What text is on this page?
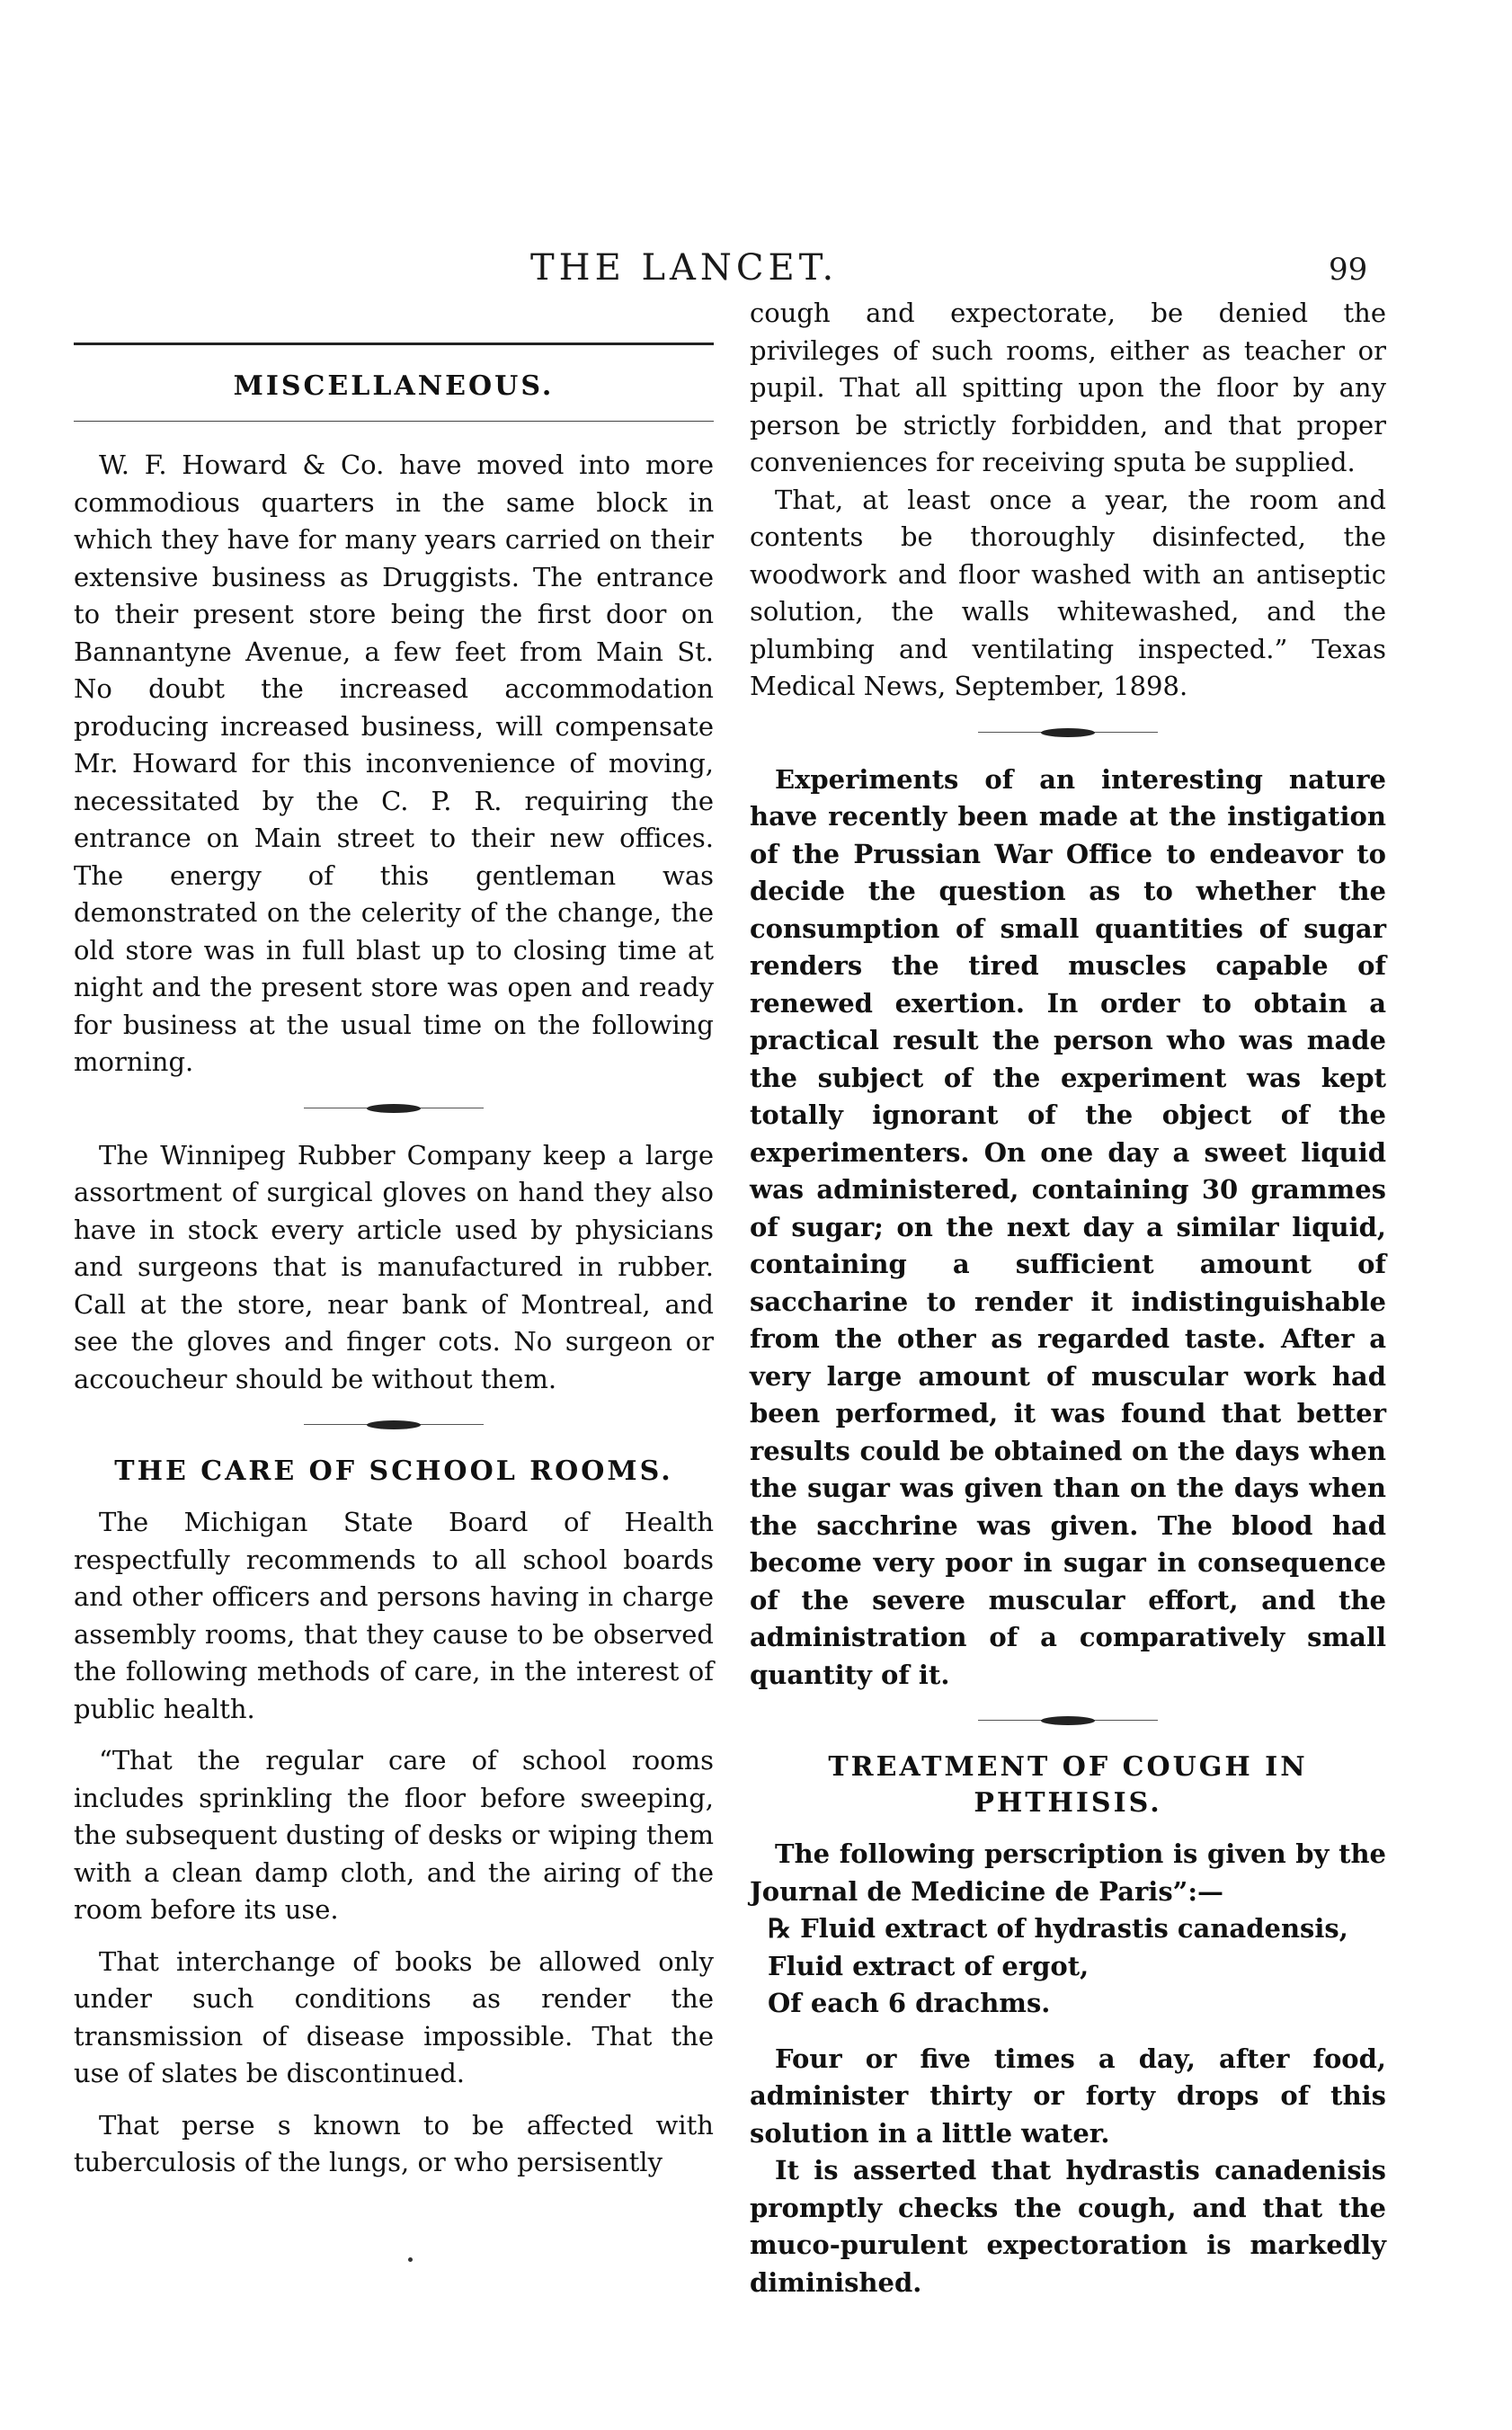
THE LANCET.	99
MISCELLANEOUS.

W. F. Howard & Co. have moved into more commodious quarters in the same block in which they have for many years carried on their extensive business as Druggists. The entrance to their present store being the first door on Bannantyne Avenue, a few feet from Main St. No doubt the increased accommodation producing increased business, will compensate Mr. Howard for this inconvenience of moving, necessitated by the C. P. R. requiring the entrance on Main street to their new offices. The energy of this gentleman was demonstrated on the celerity of the change, the old store was in full blast up to closing time at night and the present store was open and ready for business at the usual time on the following morning.

The Winnipeg Rubber Company keep a large assortment of surgical gloves on hand they also have in stock every article used by physicians and surgeons that is manufactured in rubber. Call at the store, near bank of Montreal, and see the gloves and finger cots. No surgeon or accoucheur should be without them.

THE CARE OF SCHOOL ROOMS.

The Michigan State Board of Health respectfully recommends to all school boards and other officers and persons having in charge assembly rooms, that they cause to be observed the following methods of care, in the interest of public health.

“That the regular care of school rooms includes sprinkling the floor before sweeping, the subsequent dusting of desks or wiping them with a clean damp cloth, and the airing of the room before its use.

That interchange of books be allowed only under such conditions as render the transmission of disease impossible. That the use of slates be discontinued.

That perse s known to be affected with tuberculosis of the lungs, or who persisently

cough and expectorate, be denied the privileges of such rooms, either as teacher or pupil. That all spitting upon the floor by any person be strictly forbidden, and that proper conveniences for receiving sputa be supplied.

That, at least once a year, the room and contents be thoroughly disinfected, the woodwork and floor washed with an antiseptic solution, the walls whitewashed, and the plumbing and ventilating inspected.” Texas Medical News, September, 1898.

Experiments of an interesting nature have recently been made at the instigation of the Prussian War Office to endeavor to decide the question as to whether the consumption of small quantities of sugar renders the tired muscles capable of renewed exertion. In order to obtain a practical result the person who was made the subject of the experiment was kept totally ignorant of the object of the experimenters. On one day a sweet liquid was administered, containing 30 grammes of sugar; on the next day a similar liquid, containing a sufficient amount of saccharine to render it indistinguishable from the other as regarded taste. After a very large amount of muscular work had been performed, it was found that better results could be obtained on the days when the sugar was given than on the days when the sacchrine was given. The blood had become very poor in sugar in consequence of the severe muscular effort, and the administration of a comparatively small quantity of it.

TREATMENT OF COUGH IN
PHTHISIS.

The following perscription is given by the Journal de Medicine de Paris”:—

℞ Fluid extract of hydrastis canadensis,

Fluid extract of ergot,

Of each 6 drachms.

Four or five times a day, after food, administer thirty or forty drops of this solution in a little water.

It is asserted that hydrastis canadenisis promptly checks the cough, and that the muco-purulent expectoration is markedly diminished.
